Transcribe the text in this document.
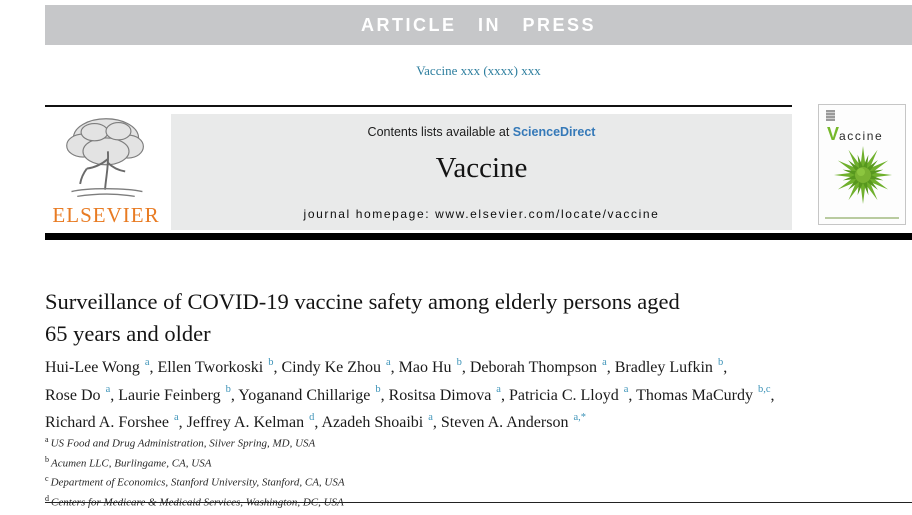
ARTICLE IN PRESS
Vaccine xxx (xxxx) xxx
ELSEVIER
Contents lists available at ScienceDirect
Vaccine
journal homepage: www.elsevier.com/locate/vaccine
Vaccine
Surveillance of COVID-19 vaccine safety among elderly persons aged
65 years and older
Hui-Lee Wong $^a$, Ellen Tworkoski $^b$, Cindy Ke Zhou $^a$, Mao Hu $^b$, Deborah Thompson $^a$, Bradley Lufkin $^b$,
Rose Do $^a$, Laurie Feinberg $^b$, Yoganand Chillarige $^b$, Rositsa Dimova $^a$, Patricia C. Lloyd $^a$, Thomas MaCurdy $^{b,c}$,
Richard A. Forshee $^a$, Jeffrey A. Kelman $^d$, Azadeh Shoaibi $^a$, Steven A. Anderson $^{a,*}$
$^a$ US Food and Drug Administration, Silver Spring, MD, USA
$^b$ Acumen LLC, Burlingame, CA, USA
$^c$ Department of Economics, Stanford University, Stanford, CA, USA
$^d$ Centers for Medicare & Medicaid Services, Washington, DC, USA
